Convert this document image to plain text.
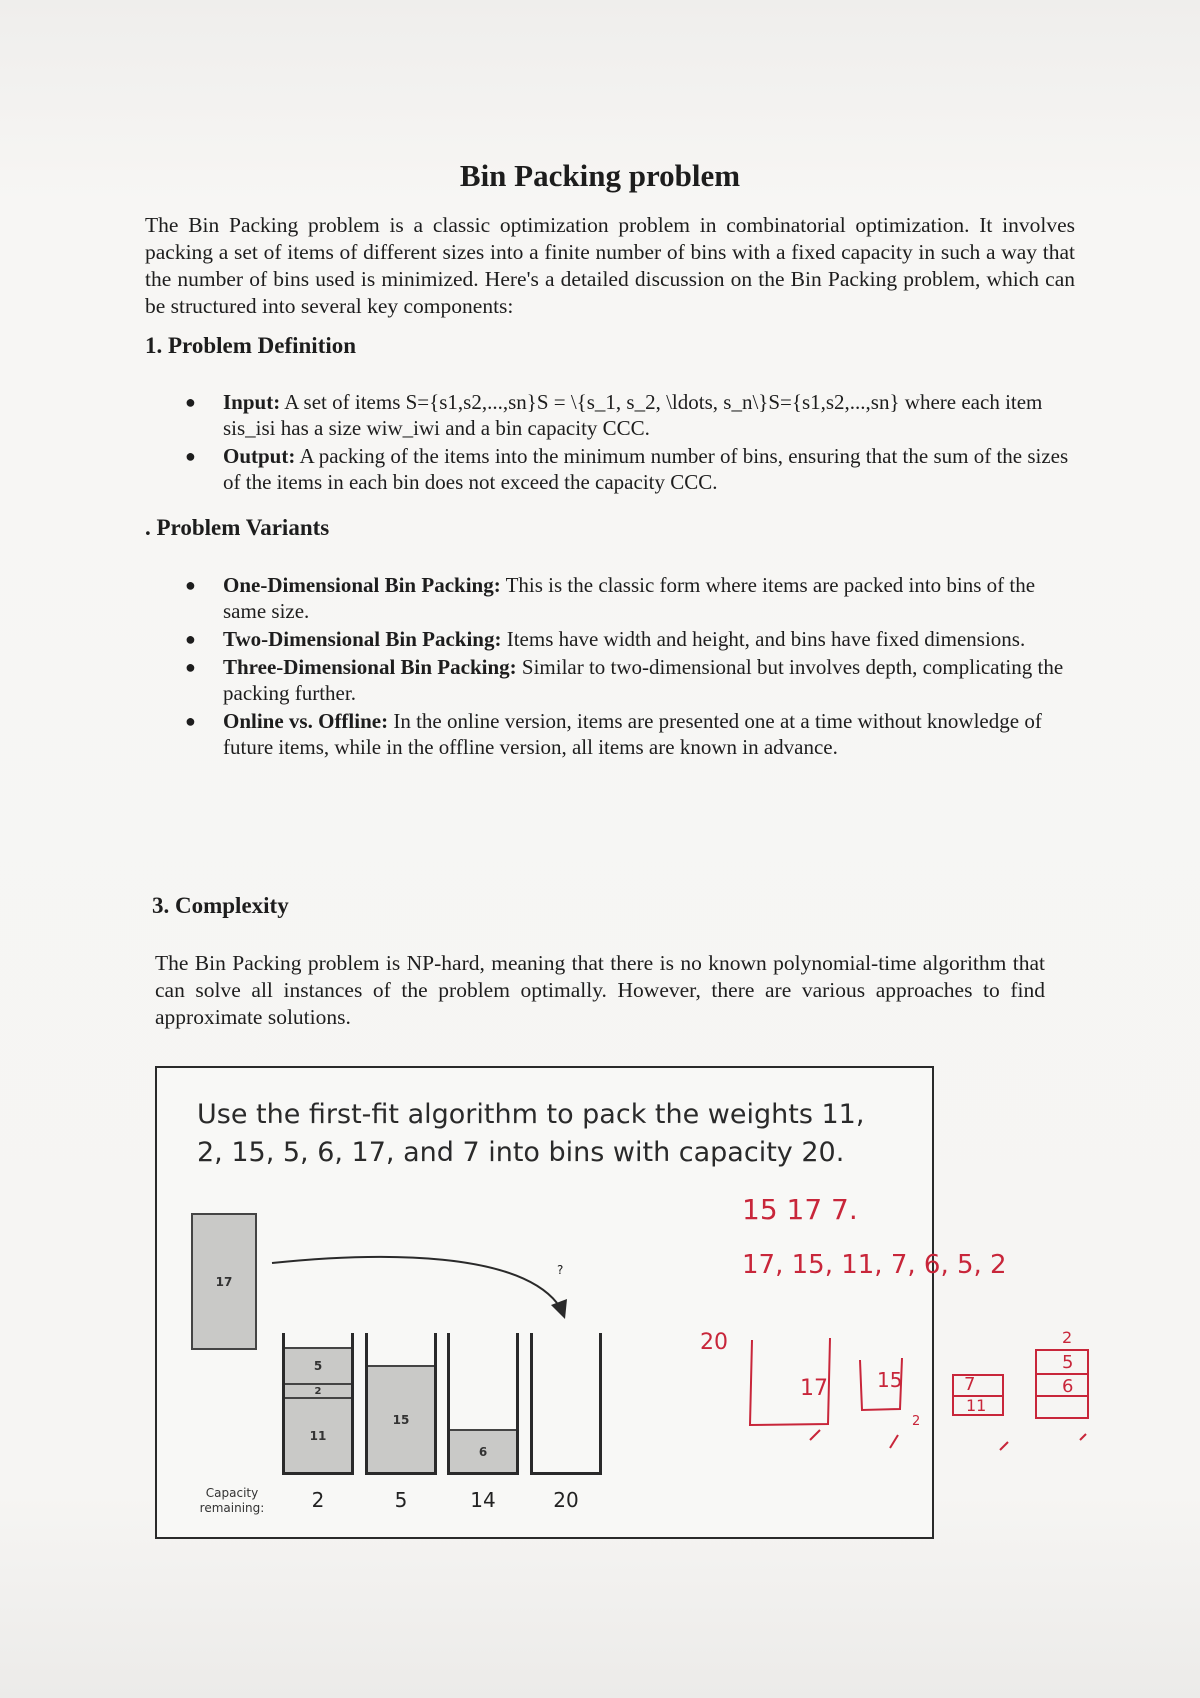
Bin Packing problem
The Bin Packing problem is a classic optimization problem in combinatorial optimization. It involves packing a set of items of different sizes into a finite number of bins with a fixed capacity in such a way that the number of bins used is minimized. Here's a detailed discussion on the Bin Packing problem, which can be structured into several key components:
1. Problem Definition
● Input: A set of items S={s1,s2,...,sn}S = \{s_1, s_2, \ldots, s_n\}S={s1,s2,...,sn} where each item sis_isi has a size wiw_iwi and a bin capacity CCC.
● Output: A packing of the items into the minimum number of bins, ensuring that the sum of the sizes of the items in each bin does not exceed the capacity CCC.
. Problem Variants
● One-Dimensional Bin Packing: This is the classic form where items are packed into bins of the same size.
● Two-Dimensional Bin Packing: Items have width and height, and bins have fixed dimensions.
● Three-Dimensional Bin Packing: Similar to two-dimensional but involves depth, complicating the packing further.
● Online vs. Offline: In the online version, items are presented one at a time without knowledge of future items, while in the offline version, all items are known in advance.
3. Complexity
The Bin Packing problem is NP-hard, meaning that there is no known polynomial-time algorithm that can solve all instances of the problem optimally. However, there are various approaches to find approximate solutions.
Use the first-fit algorithm to pack the weights 11, 2, 15, 5, 6, 17, and 7 into bins with capacity 20.
17
?
11
2
5
15
6
Capacity remaining:	2	5	14	20
15 17 7.
17, 15, 11, 7, 6, 5, 2
20
17 15	7
11
2
5
6
2
